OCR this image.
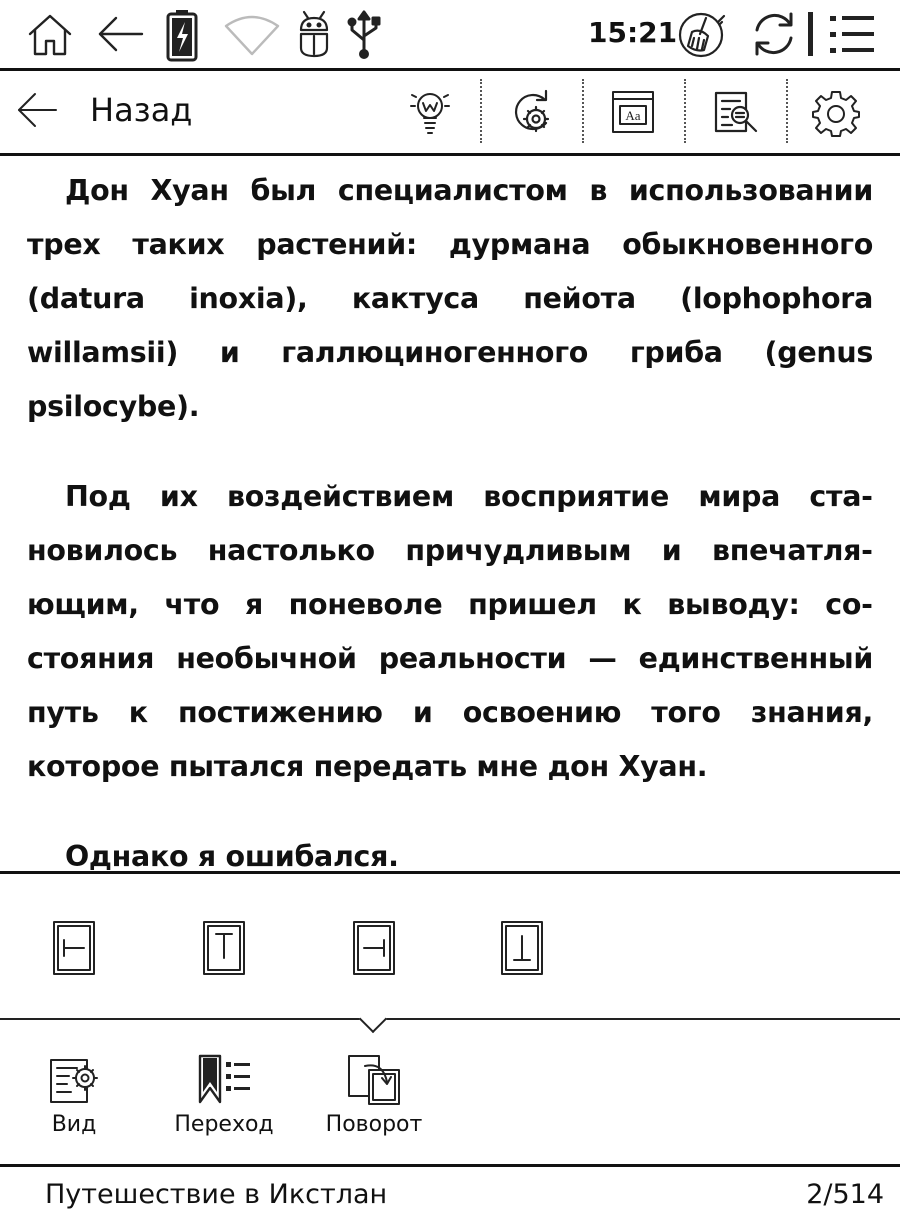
15:21
Назад	Aa

Дон Хуан был специалистом в использовании трех таких растений: дурмана обыкновенного (datura inoxia), кактуса пейота (lophophora willamsii) и галлюциногенного гриба (genus psilocybe).

Под их воздействием восприятие мира становилось настолько причудливым и впечатляющим, что я поневоле пришел к выводу: состояния необычной реальности — единственный путь к постижению и освоению того знания, которое пытался передать мне дон Хуан.

Однако я ошибался.

Вид	Переход	Поворот
Путешествие в Икстлан	2/514
